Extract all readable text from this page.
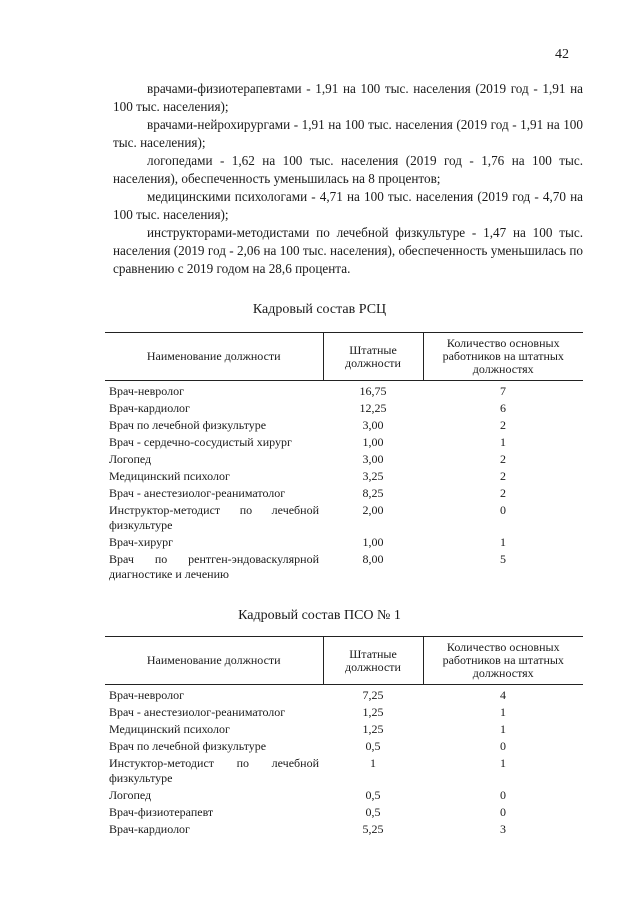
42

врачами-физиотерапевтами - 1,91 на 100 тыс. населения (2019 год - 1,91 на 100 тыс. населения);

врачами-нейрохирургами - 1,91 на 100 тыс. населения (2019 год - 1,91 на 100 тыс. населения);

логопедами - 1,62 на 100 тыс. населения (2019 год - 1,76 на 100 тыс. населения), обеспеченность уменьшилась на 8 процентов;

медицинскими психологами - 4,71 на 100 тыс. населения (2019 год - 4,70 на 100 тыс. населения);

инструкторами-методистами по лечебной физкультуре - 1,47 на 100 тыс. населения (2019 год - 2,06 на 100 тыс. населения), обеспеченность уменьшилась по сравнению с 2019 годом на 28,6 процента.

Кадровый состав РСЦ
Наименование должности	Штатные должности	Количество основных работников на штатных должностях
Врач-невролог	16,75	7
Врач-кардиолог	12,25	6
Врач по лечебной физкультуре	3,00	2
Врач - сердечно-сосудистый хирург	1,00	1
Логопед	3,00	2
Медицинский психолог	3,25	2
Врач - анестезиолог-реаниматолог	8,25	2
Инструктор-методист по лечебной физкультуре	2,00	0
Врач-хирург	1,00	1
Врач по рентген-эндоваскулярной диагностике и лечению	8,00	5
Кадровый состав ПСО № 1
Наименование должности	Штатные должности	Количество основных работников на штатных должностях
Врач-невролог	7,25	4
Врач - анестезиолог-реаниматолог	1,25	1
Медицинский психолог	1,25	1
Врач по лечебной физкультуре	0,5	0
Инстуктор-методист по лечебной физкультуре	1	1
Логопед	0,5	0
Врач-физиотерапевт	0,5	0
Врач-кардиолог	5,25	3
